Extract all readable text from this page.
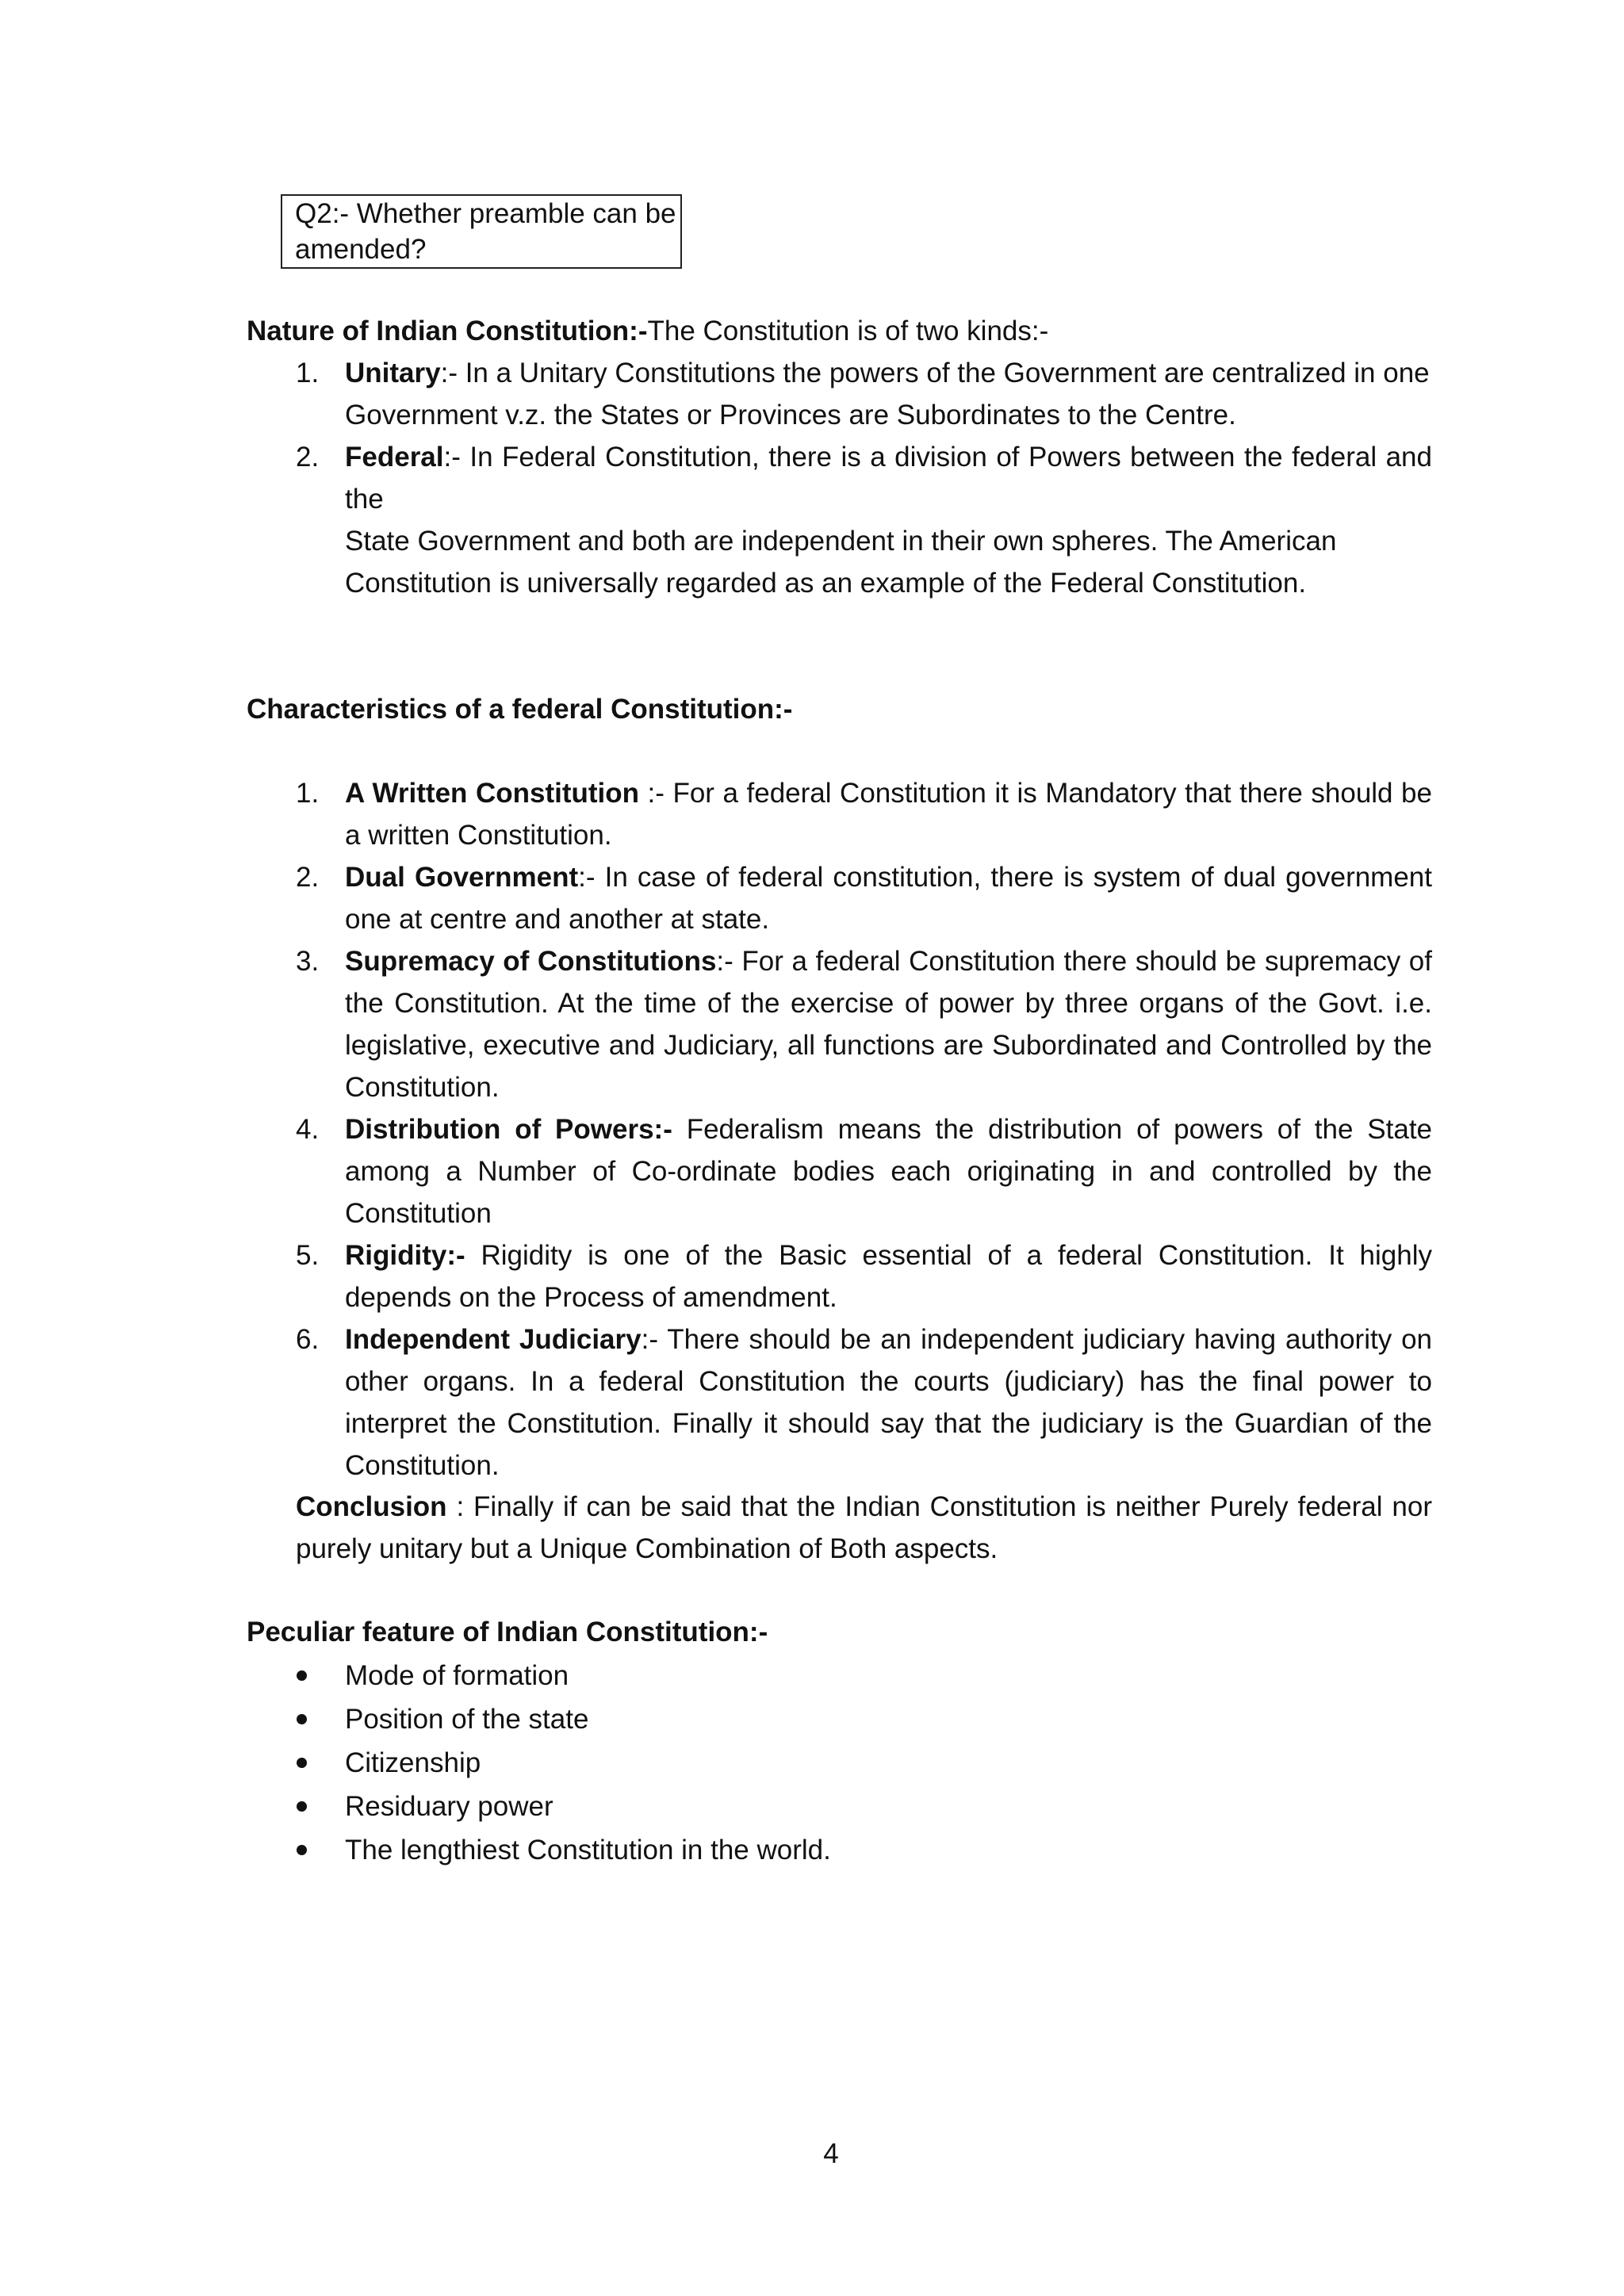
Q2:- Whether preamble can be
amended?
Nature of Indian Constitution:-The Constitution is of two kinds:-
1. Unitary:- In a Unitary Constitutions the powers of the Government are centralized in one
Government v.z. the States or Provinces are Subordinates to the Centre.
2. Federal:- In Federal Constitution, there is a division of Powers between the federal and the
State Government and both are independent in their own spheres. The American Constitution is universally regarded as an example of the Federal Constitution.
Characteristics of a federal Constitution:-
1. A Written Constitution :- For a federal Constitution it is Mandatory that there should be a written Constitution.
2. Dual Government:- In case of federal constitution, there is system of dual government one at centre and another at state.
3. Supremacy of Constitutions:- For a federal Constitution there should be supremacy of the Constitution. At the time of the exercise of power by three organs of the Govt. i.e. legislative, executive and Judiciary, all functions are Subordinated and Controlled by the Constitution.
4. Distribution of Powers:- Federalism means the distribution of powers of the State among a Number of Co-ordinate bodies each originating in and controlled by the Constitution
5. Rigidity:- Rigidity is one of the Basic essential of a federal Constitution. It highly depends on the Process of amendment.
6. Independent Judiciary:- There should be an independent judiciary having authority on other organs. In a federal Constitution the courts (judiciary) has the final power to interpret the Constitution. Finally it should say that the judiciary is the Guardian of the Constitution.
Conclusion : Finally if can be said that the Indian Constitution is neither Purely federal nor purely unitary but a Unique Combination of Both aspects.
Peculiar feature of Indian Constitution:-
Mode of formation
Position of the state
Citizenship
Residuary power
The lengthiest Constitution in the world.
4
